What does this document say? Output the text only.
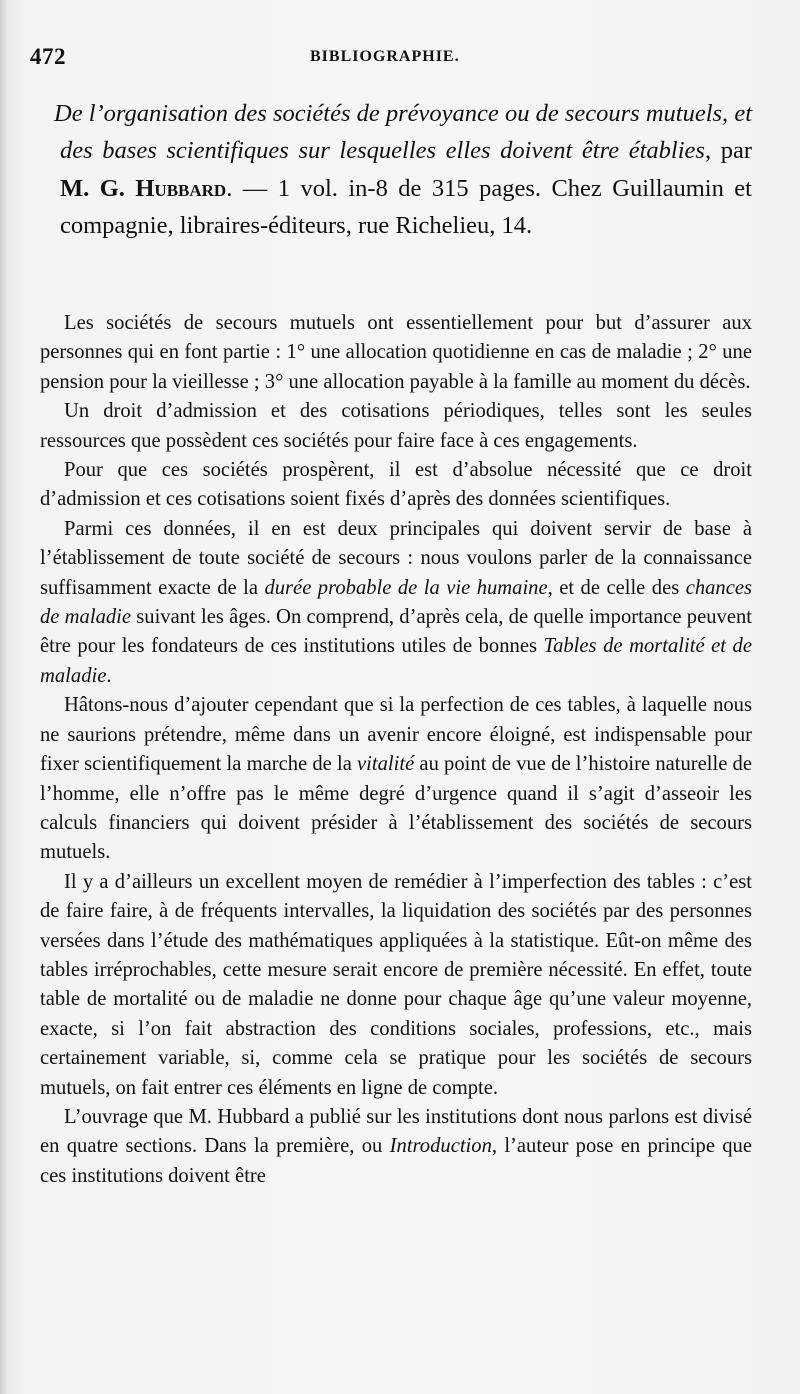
472	BIBLIOGRAPHIE.
De l’organisation des sociétés de prévoyance ou de secours mutuels, et des bases scientifiques sur lesquelles elles doivent être établies, par M. G. Hubbard. — 1 vol. in-8 de 315 pages. Chez Guillaumin et compagnie, libraires-éditeurs, rue Richelieu, 14.

Les sociétés de secours mutuels ont essentiellement pour but d’assurer aux personnes qui en font partie : 1° une allocation quotidienne en cas de maladie ; 2° une pension pour la vieillesse ; 3° une allocation payable à la famille au moment du décès.

Un droit d’admission et des cotisations périodiques, telles sont les seules ressources que possèdent ces sociétés pour faire face à ces engagements.

Pour que ces sociétés prospèrent, il est d’absolue nécessité que ce droit d’admission et ces cotisations soient fixés d’après des données scientifiques.

Parmi ces données, il en est deux principales qui doivent servir de base à l’établissement de toute société de secours : nous voulons parler de la connaissance suffisamment exacte de la durée probable de la vie humaine, et de celle des chances de maladie suivant les âges. On comprend, d’après cela, de quelle importance peuvent être pour les fondateurs de ces institutions utiles de bonnes Tables de mortalité et de maladie.

Hâtons-nous d’ajouter cependant que si la perfection de ces tables, à laquelle nous ne saurions prétendre, même dans un avenir encore éloigné, est indispensable pour fixer scientifiquement la marche de la vitalité au point de vue de l’histoire naturelle de l’homme, elle n’offre pas le même degré d’urgence quand il s’agit d’asseoir les calculs financiers qui doivent présider à l’établissement des sociétés de secours mutuels.

Il y a d’ailleurs un excellent moyen de remédier à l’imperfection des tables : c’est de faire faire, à de fréquents intervalles, la liquidation des sociétés par des personnes versées dans l’étude des mathématiques appliquées à la statistique. Eût-on même des tables irréprochables, cette mesure serait encore de première nécessité. En effet, toute table de mortalité ou de maladie ne donne pour chaque âge qu’une valeur moyenne, exacte, si l’on fait abstraction des conditions sociales, professions, etc., mais certainement variable, si, comme cela se pratique pour les sociétés de secours mutuels, on fait entrer ces éléments en ligne de compte.

L’ouvrage que M. Hubbard a publié sur les institutions dont nous parlons est divisé en quatre sections. Dans la première, ou Introduction, l’auteur pose en principe que ces institutions doivent être
